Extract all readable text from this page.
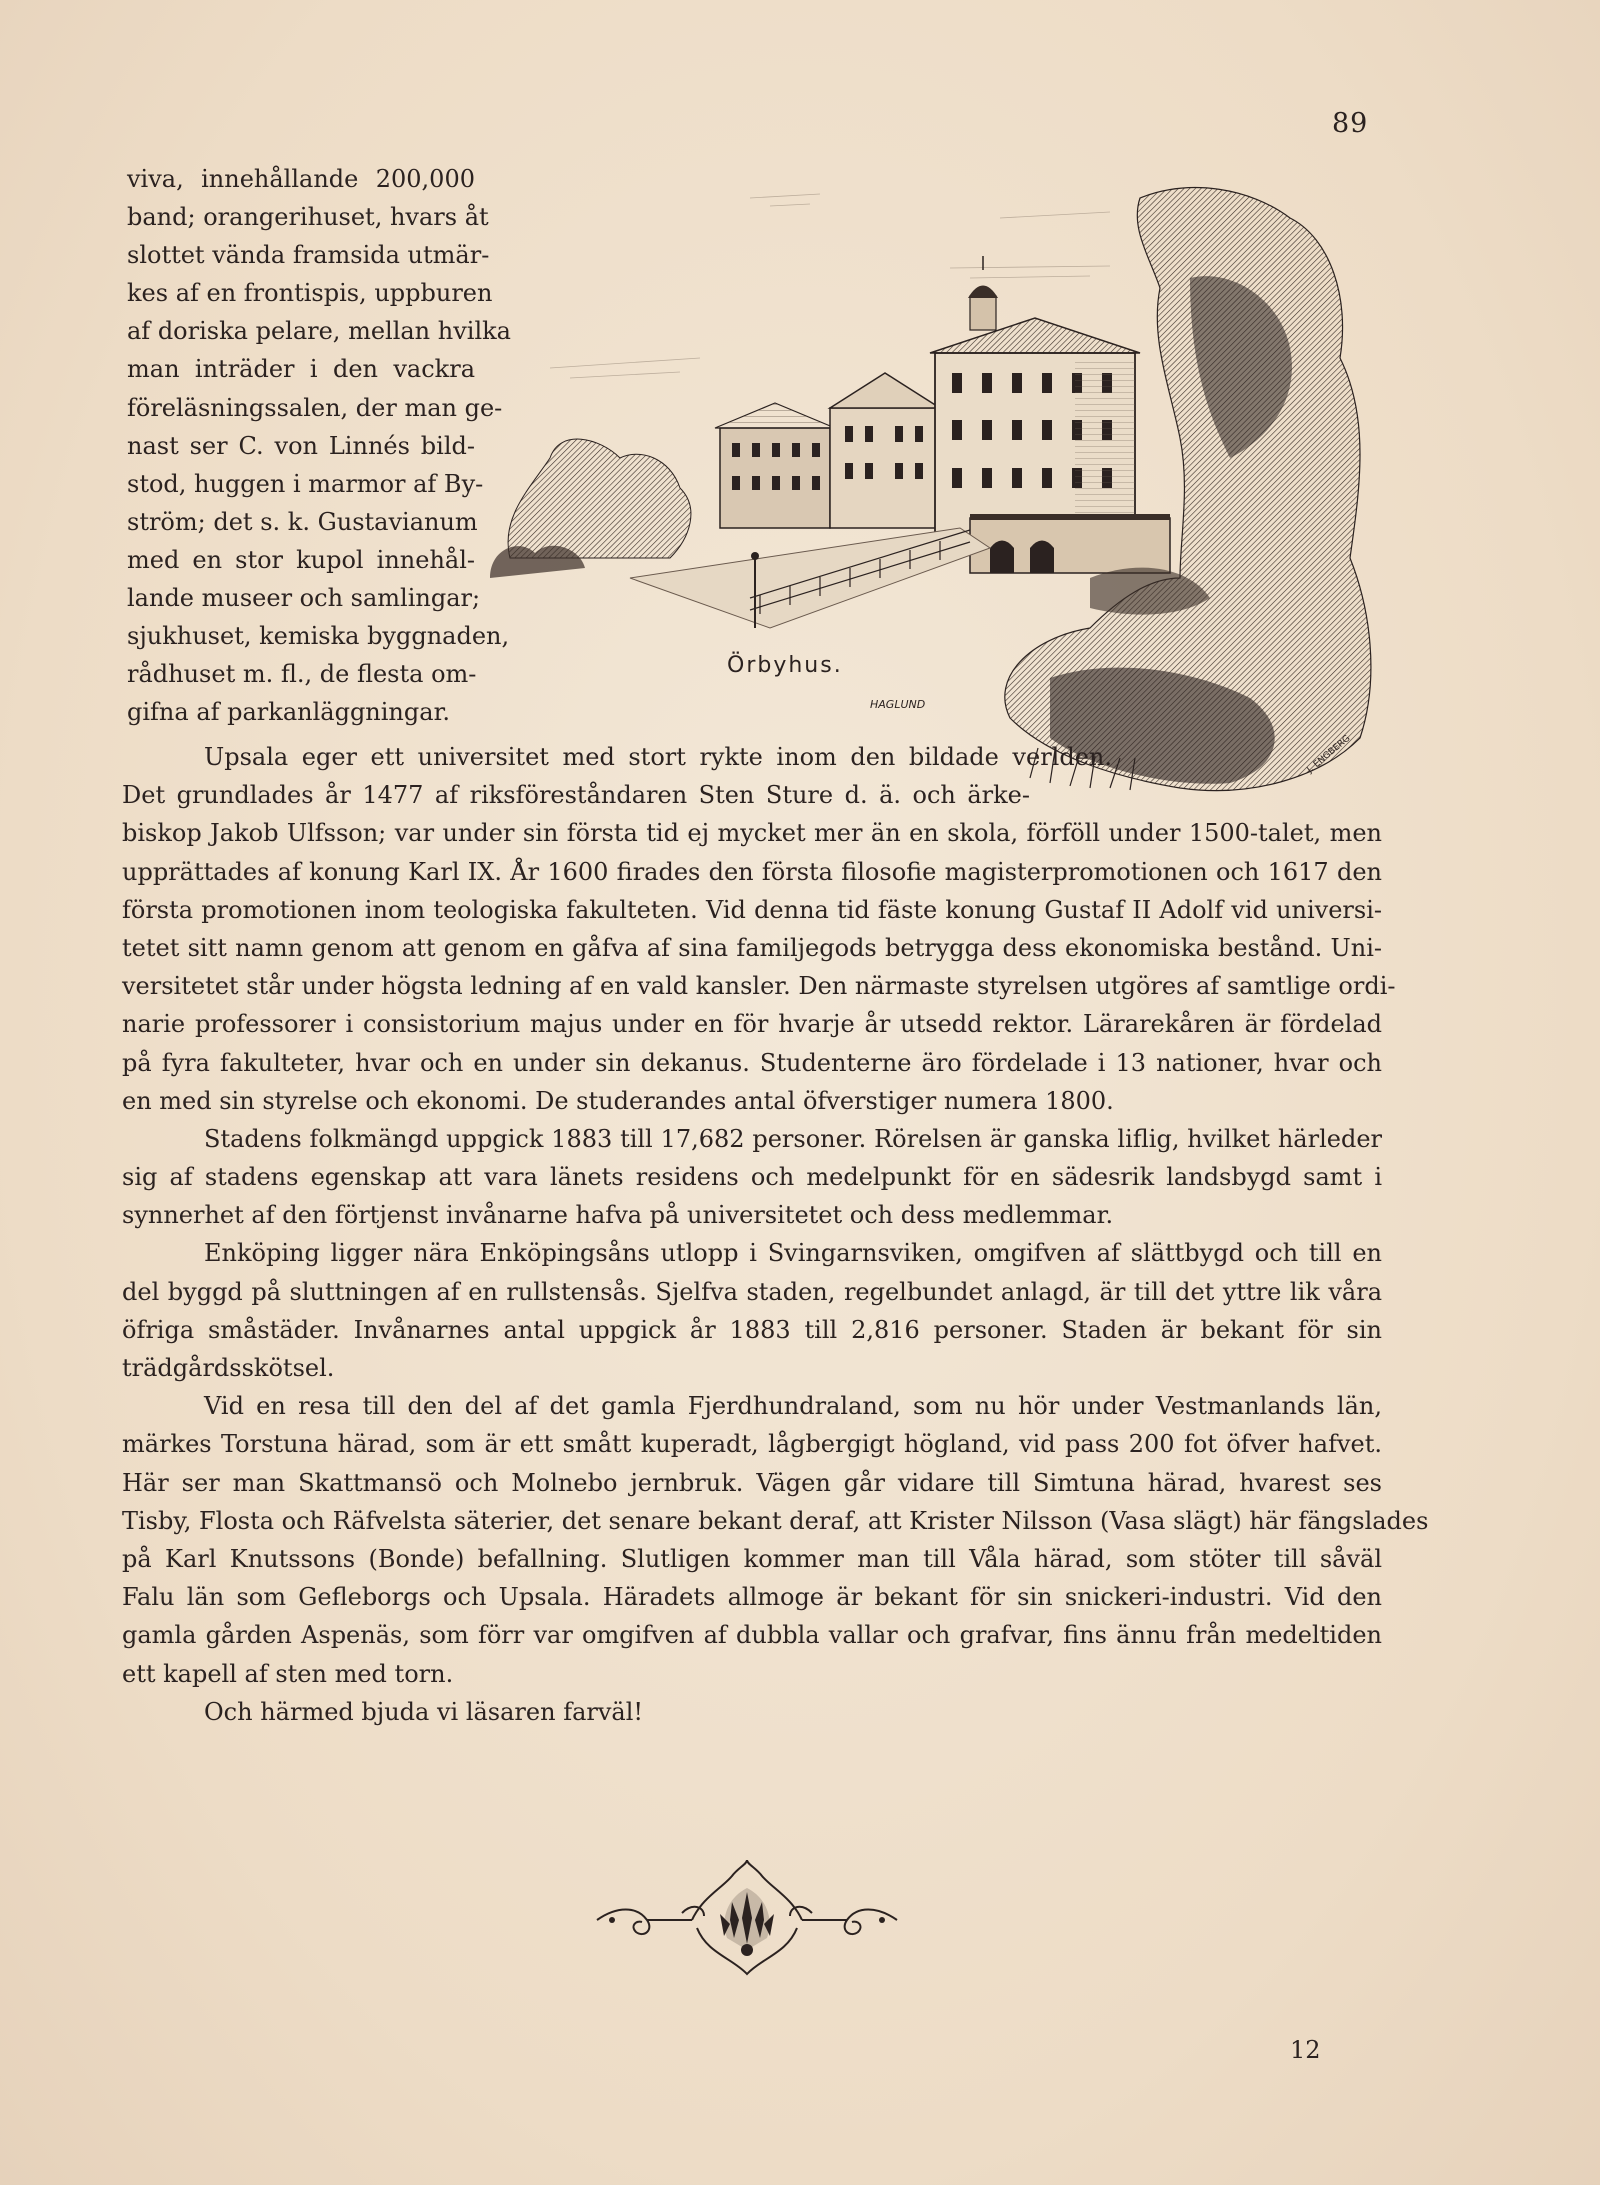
89
HAGLUND
J. ENGBERG
Örbyhus.
viva, innehållande 200,000
band; orangerihuset, hvars åt
slottet vända framsida utmär-
kes af en frontispis, uppburen
af doriska pelare, mellan hvilka
man inträder i den vackra
föreläsningssalen, der man ge-
nast ser C. von Linnés bild-
stod, huggen i marmor af By-
ström; det s. k. Gustavianum
med en stor kupol innehål-
lande museer och samlingar;
sjukhuset, kemiska byggnaden,
rådhuset m. fl., de flesta om-
gifna af parkanläggningar.
Upsala eger ett universitet med stort rykte inom den bildade verlden.
Det grundlades år 1477 af riksföreståndaren Sten Sture d. ä. och ärke-
biskop Jakob Ulfsson; var under sin första tid ej mycket mer än en skola, förföll under 1500-talet, men
upprättades af konung Karl IX. År 1600 firades den första filosofie magisterpromotionen och 1617 den
första promotionen inom teologiska fakulteten. Vid denna tid fäste konung Gustaf II Adolf vid universi-
tetet sitt namn genom att genom en gåfva af sina familjegods betrygga dess ekonomiska bestånd. Uni-
versitetet står under högsta ledning af en vald kansler. Den närmaste styrelsen utgöres af samtlige ordi-
narie professorer i consistorium majus under en för hvarje år utsedd rektor. Lärarekåren är fördelad
på fyra fakulteter, hvar och en under sin dekanus. Studenterne äro fördelade i 13 nationer, hvar och
en med sin styrelse och ekonomi. De studerandes antal öfverstiger numera 1800.
Stadens folkmängd uppgick 1883 till 17,682 personer. Rörelsen är ganska liflig, hvilket härleder
sig af stadens egenskap att vara länets residens och medelpunkt för en sädesrik landsbygd samt i
synnerhet af den förtjenst invånarne hafva på universitetet och dess medlemmar.
Enköping ligger nära Enköpingsåns utlopp i Svingarnsviken, omgifven af slättbygd och till en
del byggd på sluttningen af en rullstensås. Sjelfva staden, regelbundet anlagd, är till det yttre lik våra
öfriga småstäder. Invånarnes antal uppgick år 1883 till 2,816 personer. Staden är bekant för sin
trädgårdsskötsel.
Vid en resa till den del af det gamla Fjerdhundraland, som nu hör under Vestmanlands län,
märkes Torstuna härad, som är ett smått kuperadt, lågbergigt högland, vid pass 200 fot öfver hafvet.
Här ser man Skattmansö och Molnebo jernbruk. Vägen går vidare till Simtuna härad, hvarest ses
Tisby, Flosta och Räfvelsta säterier, det senare bekant deraf, att Krister Nilsson (Vasa slägt) här fängslades
på Karl Knutssons (Bonde) befallning. Slutligen kommer man till Våla härad, som stöter till såväl
Falu län som Gefleborgs och Upsala. Häradets allmoge är bekant för sin snickeri-industri. Vid den
gamla gården Aspenäs, som förr var omgifven af dubbla vallar och grafvar, fins ännu från medeltiden
ett kapell af sten med torn.
Och härmed bjuda vi läsaren farväl!
12
